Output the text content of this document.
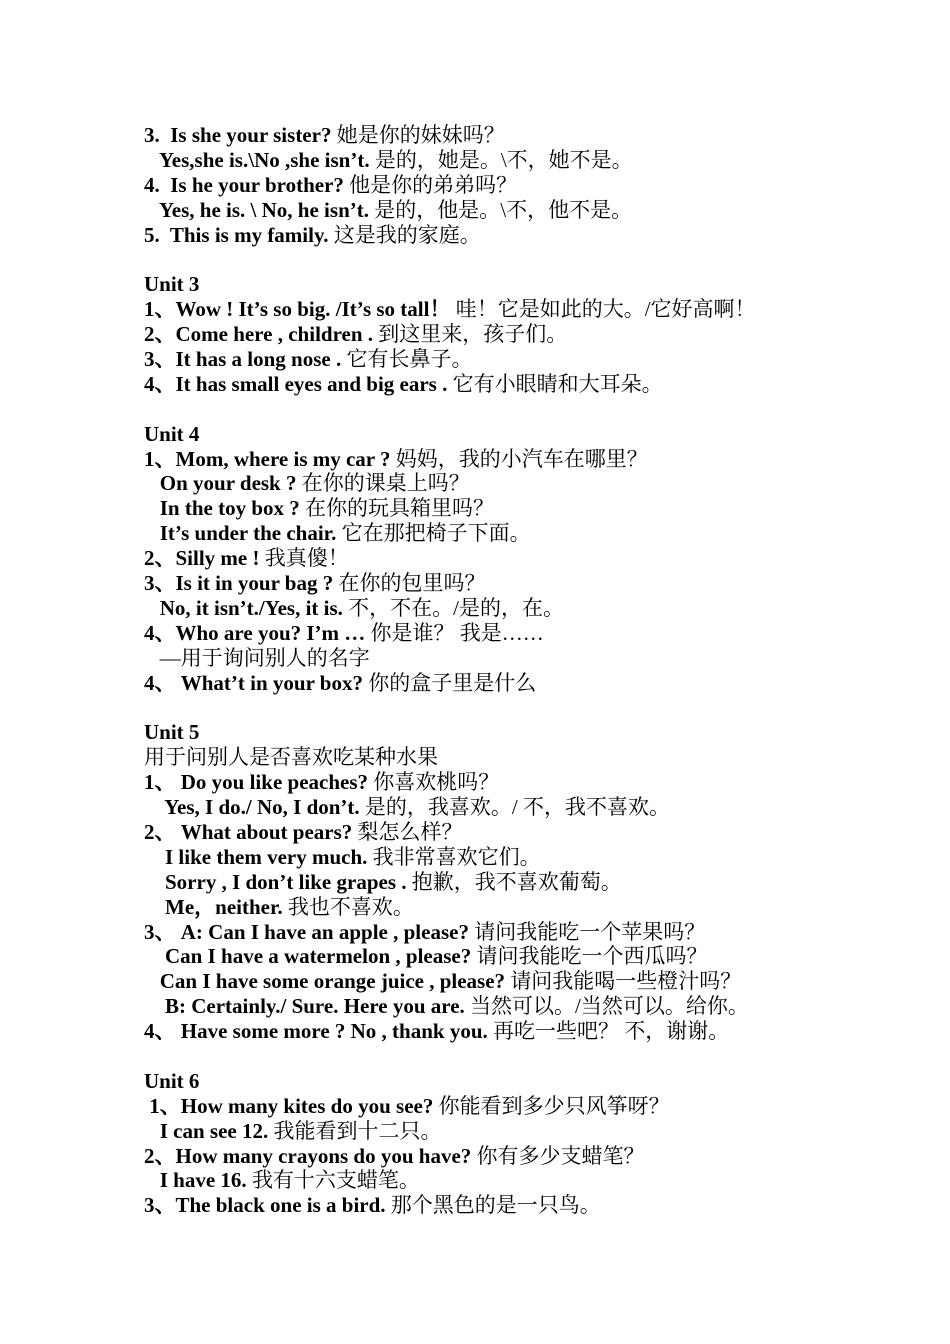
3.  Is she your sister? 她是你的妹妹吗？
Yes,she is.\No ,she isn’t. 是的，她是。\不，她不是。
4.  Is he your brother? 他是你的弟弟吗？
Yes, he is. \ No, he isn’t. 是的，他是。\不，他不是。
5.  This is my family. 这是我的家庭。
Unit 3
1、Wow ! It’s so big. /It’s so tall！ 哇！它是如此的大。/它好高啊！
2、Come here , children . 到这里来，孩子们。
3、It has a long nose . 它有长鼻子。
4、It has small eyes and big ears . 它有小眼睛和大耳朵。
Unit 4
1、Mom, where is my car ? 妈妈，我的小汽车在哪里？
On your desk ? 在你的课桌上吗？
In the toy box ? 在你的玩具箱里吗？
It’s under the chair. 它在那把椅子下面。
2、Silly me ! 我真傻！
3、Is it in your bag ? 在你的包里吗？
No, it isn’t./Yes, it is. 不，不在。/是的，在。
4、Who are you? I’m … 你是谁？ 我是……
—用于询问别人的名字
4、 What’t in your box? 你的盒子里是什么
Unit 5
用于问别人是否喜欢吃某种水果
1、 Do you like peaches? 你喜欢桃吗？
Yes, I do./ No, I don’t. 是的，我喜欢。/ 不，我不喜欢。
2、 What about pears? 梨怎么样？
I like them very much. 我非常喜欢它们。
Sorry , I don’t like grapes . 抱歉，我不喜欢葡萄。
Me，neither. 我也不喜欢。
3、 A: Can I have an apple , please? 请问我能吃一个苹果吗？
Can I have a watermelon , please? 请问我能吃一个西瓜吗？
Can I have some orange juice , please? 请问我能喝一些橙汁吗？
B: Certainly./ Sure. Here you are. 当然可以。/当然可以。给你。
4、 Have some more ? No , thank you. 再吃一些吧？ 不，谢谢。
Unit 6
1、How many kites do you see? 你能看到多少只风筝呀？
I can see 12. 我能看到十二只。
2、How many crayons do you have? 你有多少支蜡笔？
I have 16. 我有十六支蜡笔。
3、The black one is a bird. 那个黑色的是一只鸟。
